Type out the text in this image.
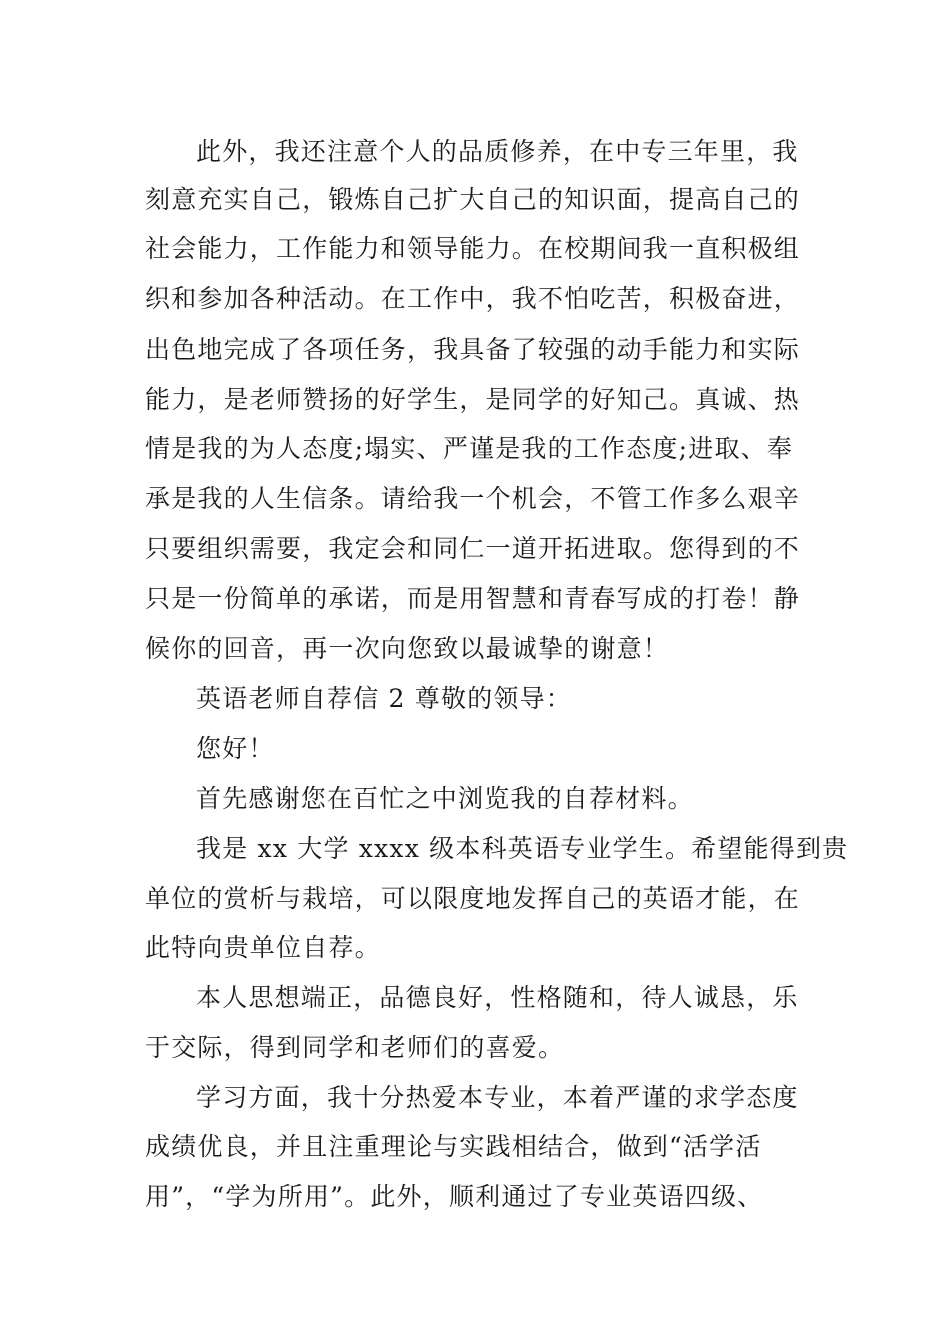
此外，我还注意个人的品质修养，在中专三年里，我
刻意充实自己，锻炼自己扩大自己的知识面，提高自己的
社会能力，工作能力和领导能力。在校期间我一直积极组
织和参加各种活动。在工作中，我不怕吃苦，积极奋进，
出色地完成了各项任务，我具备了较强的动手能力和实际
能力，是老师赞扬的好学生，是同学的好知己。真诚、热
情是我的为人态度;塌实、严谨是我的工作态度;进取、奉
承是我的人生信条。请给我一个机会，不管工作多么艰辛
只要组织需要，我定会和同仁一道开拓进取。您得到的不
只是一份简单的承诺，而是用智慧和青春写成的打卷！静
候你的回音，再一次向您致以最诚挚的谢意！
英语老师自荐信 2 尊敬的领导：
您好！
首先感谢您在百忙之中浏览我的自荐材料。
我是 xx 大学 xxxx 级本科英语专业学生。希望能得到贵
单位的赏析与栽培，可以限度地发挥自己的英语才能，在
此特向贵单位自荐。
本人思想端正，品德良好，性格随和，待人诚恳，乐
于交际，得到同学和老师们的喜爱。
学习方面，我十分热爱本专业，本着严谨的求学态度
成绩优良，并且注重理论与实践相结合，做到“活学活
用”，“学为所用”。此外，顺利通过了专业英语四级、
